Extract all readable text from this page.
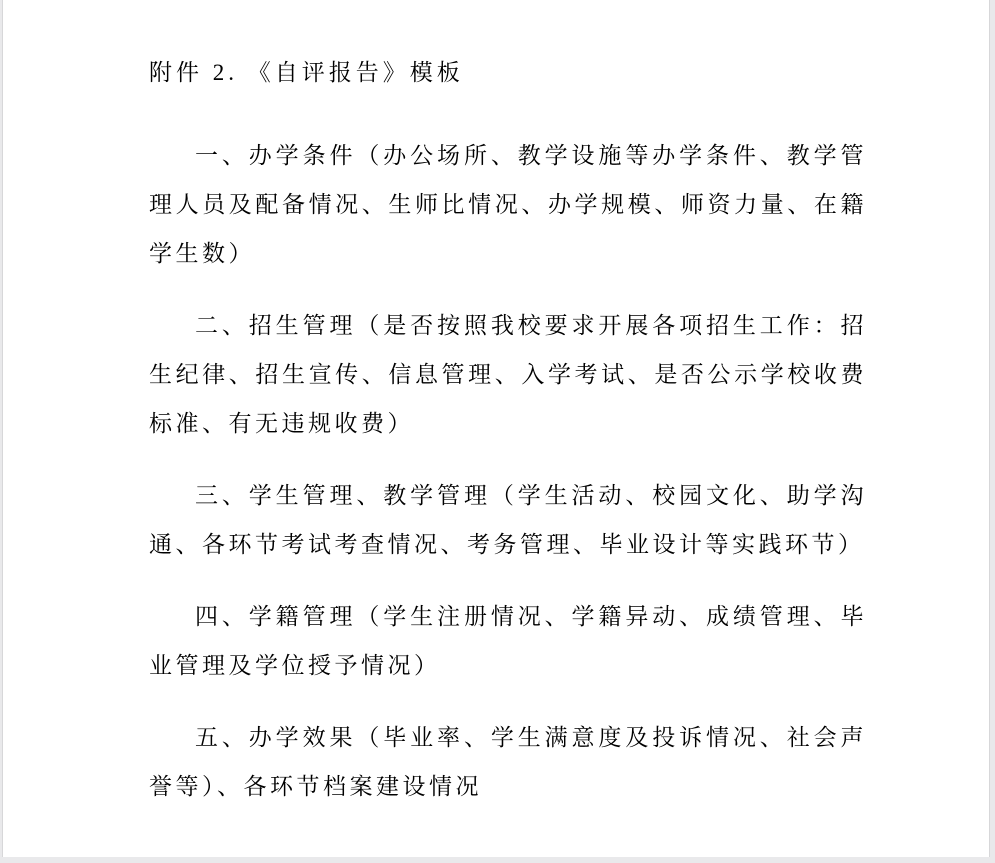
附件 2. 《自评报告》模板

一、办学条件（办公场所、教学设施等办学条件、教学管理人员及配备情况、生师比情况、办学规模、师资力量、在籍学生数）

二、招生管理（是否按照我校要求开展各项招生工作：招生纪律、招生宣传、信息管理、入学考试、是否公示学校收费标准、有无违规收费）

三、学生管理、教学管理（学生活动、校园文化、助学沟通、各环节考试考查情况、考务管理、毕业设计等实践环节）

四、学籍管理（学生注册情况、学籍异动、成绩管理、毕业管理及学位授予情况）

五、办学效果（毕业率、学生满意度及投诉情况、社会声誉等）、各环节档案建设情况
